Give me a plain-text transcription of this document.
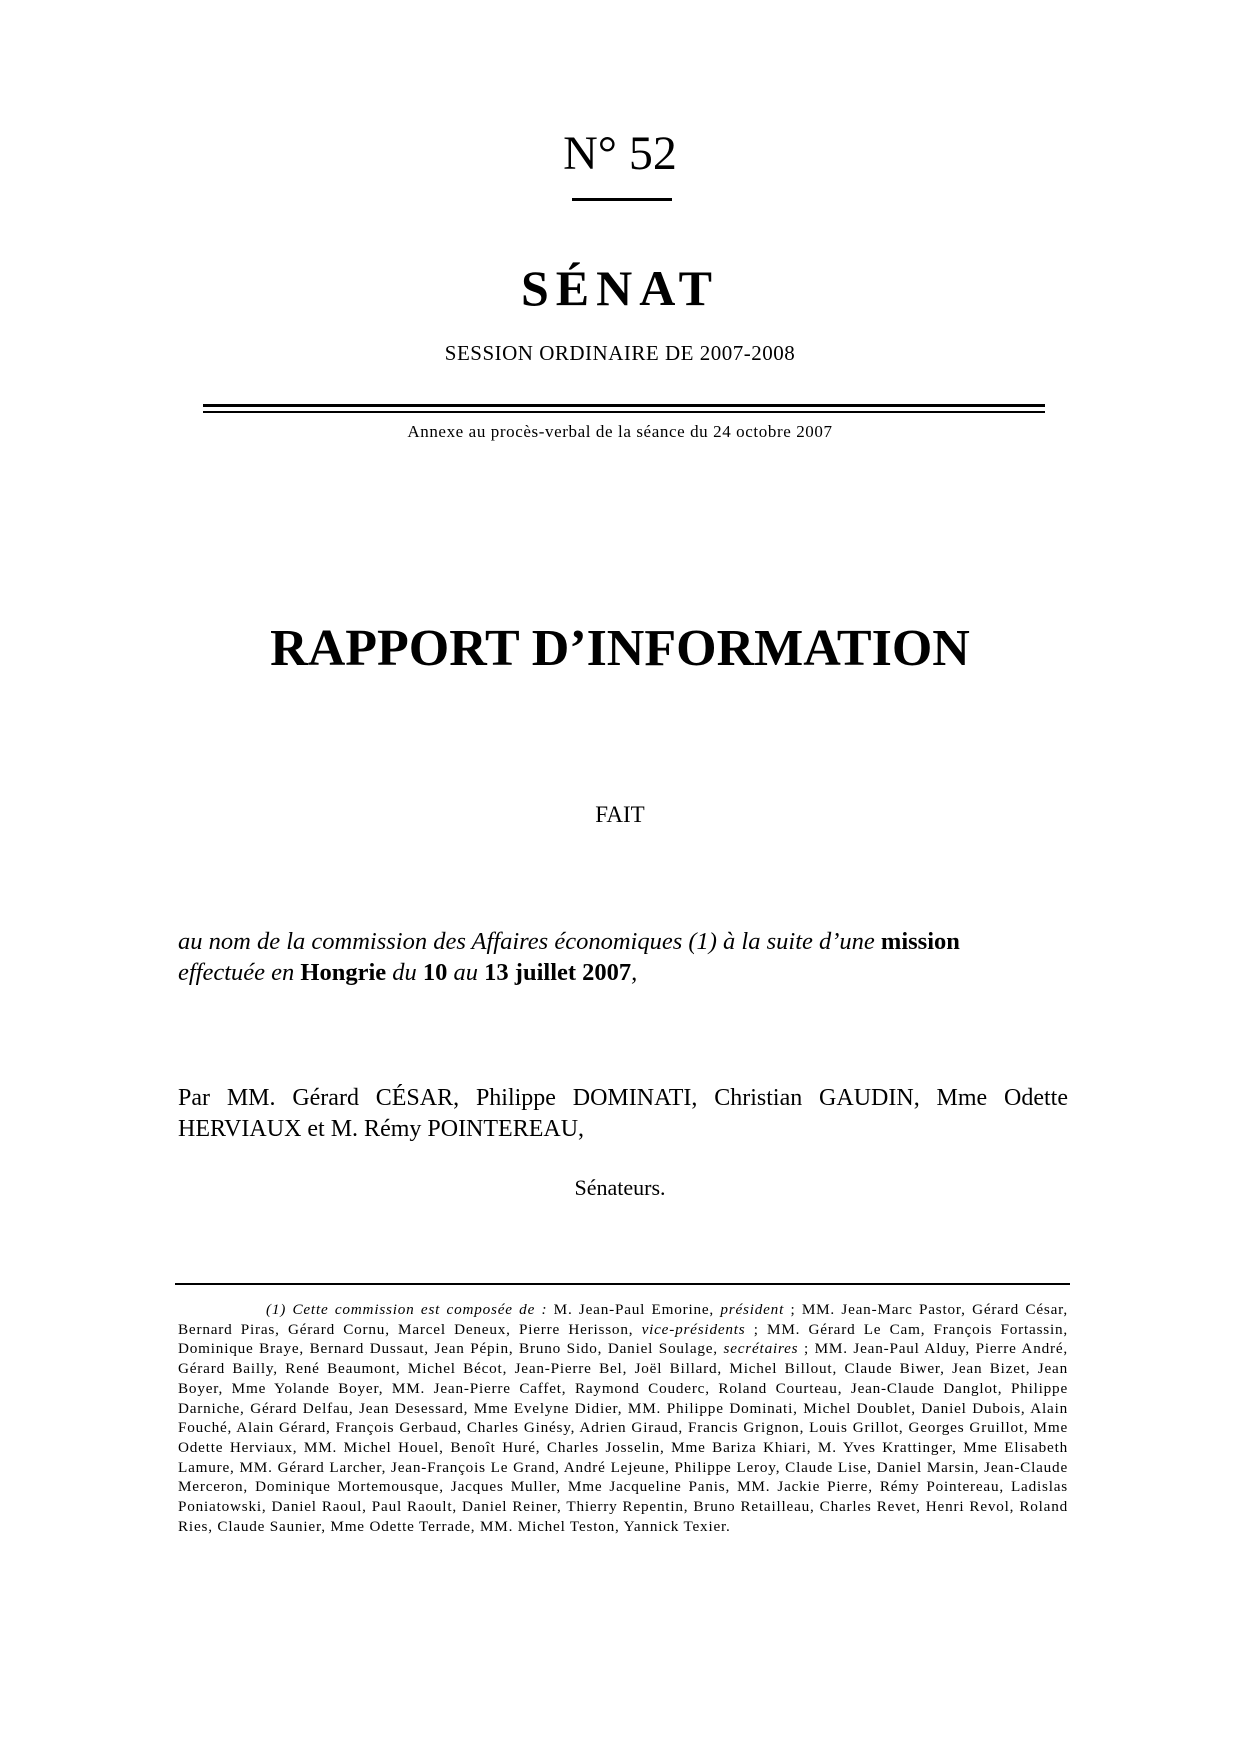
N° 52
SÉNAT
SESSION ORDINAIRE DE 2007-2008
Annexe au procès-verbal de la séance du 24 octobre 2007
RAPPORT D’INFORMATION
FAIT
au nom de la commission des Affaires économiques (1) à la suite d’une mission
effectuée en Hongrie du 10 au 13 juillet 2007,
Par MM. Gérard CÉSAR, Philippe DOMINATI, Christian GAUDIN, Mme Odette
HERVIAUX et M. Rémy POINTEREAU,
Sénateurs.
(1) Cette commission est composée de : M. Jean-Paul Emorine, président ; MM. Jean-Marc Pastor, Gérard César, Bernard Piras, Gérard Cornu, Marcel Deneux, Pierre Herisson, vice-présidents ; MM. Gérard Le Cam, François Fortassin, Dominique Braye, Bernard Dussaut, Jean Pépin, Bruno Sido, Daniel Soulage, secrétaires ; MM. Jean-Paul Alduy, Pierre André, Gérard Bailly, René Beaumont, Michel Bécot, Jean-Pierre Bel, Joël Billard, Michel Billout, Claude Biwer, Jean Bizet, Jean Boyer, Mme Yolande Boyer, MM. Jean-Pierre Caffet, Raymond Couderc, Roland Courteau, Jean-Claude Danglot, Philippe Darniche, Gérard Delfau, Jean Desessard, Mme Evelyne Didier, MM. Philippe Dominati, Michel Doublet, Daniel Dubois, Alain Fouché, Alain Gérard, François Gerbaud, Charles Ginésy, Adrien Giraud, Francis Grignon, Louis Grillot, Georges Gruillot, Mme Odette Herviaux, MM. Michel Houel, Benoît Huré, Charles Josselin, Mme Bariza Khiari, M. Yves Krattinger, Mme Elisabeth Lamure, MM. Gérard Larcher, Jean-François Le Grand, André Lejeune, Philippe Leroy, Claude Lise, Daniel Marsin, Jean-Claude Merceron, Dominique Mortemousque, Jacques Muller, Mme Jacqueline Panis, MM. Jackie Pierre, Rémy Pointereau, Ladislas Poniatowski, Daniel Raoul, Paul Raoult, Daniel Reiner, Thierry Repentin, Bruno Retailleau, Charles Revet, Henri Revol, Roland Ries, Claude Saunier, Mme Odette Terrade, MM. Michel Teston, Yannick Texier.
